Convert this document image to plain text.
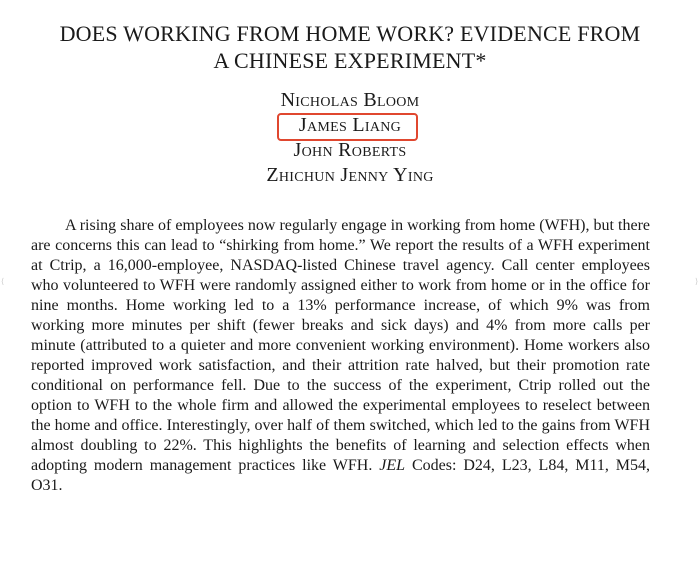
DOES WORKING FROM HOME WORK? EVIDENCE FROM
A CHINESE EXPERIMENT*
Nicholas Bloom
James Liang
John Roberts
Zhichun Jenny Ying

A rising share of employees now regularly engage in working from home (WFH), but there are concerns this can lead to “shirking from home.” We report the results of a WFH experiment at Ctrip, a 16,000-employee, NASDAQ-listed Chinese travel agency. Call center employees who volunteered to WFH were randomly assigned either to work from home or in the office for nine months. Home working led to a 13% performance increase, of which 9% was from working more minutes per shift (fewer breaks and sick days) and 4% from more calls per minute (attributed to a quieter and more convenient working environment). Home workers also reported improved work satisfaction, and their attrition rate halved, but their promotion rate conditional on performance fell. Due to the success of the experiment, Ctrip rolled out the option to WFH to the whole firm and allowed the experimental employees to reselect between the home and office. Interestingly, over half of them switched, which led to the gains from WFH almost doubling to 22%. This highlights the benefits of learning and selection effects when adopting modern management practices like WFH. JEL Codes: D24, L23, L84, M11, M54, O31.

⟨	⟩
